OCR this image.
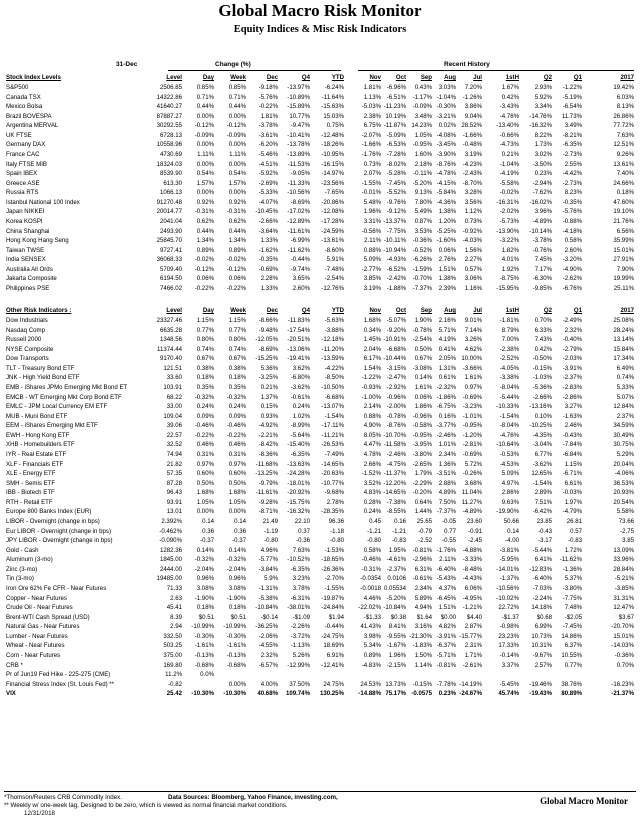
Global Macro Risk Monitor
Equity Indices & Misc Risk Indicators
31-Dec	Change (%)	Recent History
Stock Index Levels	Level	Day	Week	Dec	Q4	YTD	Nov	Oct	Sep	Aug	Jul	1stH	Q2	Q1	2017
S&P500	2506.85	0.85%	0.85%	-9.18%	-13.97%	-6.24%	1.81% -6.96%	0.43%	3.03%	7.20%	1.67%	2.93%	-1.22%	19.42%
Canada TSX	14322.86	0.71%	0.71%	-5.76%	-10.89%	-11.64%	1.13% -6.51%	-1.17% -1.04%	-1.26%	0.42%	5.92%	-5.19%	6.03%
Mexico Bolsa	41640.27	0.44%	0.44%	-0.22%	-15.89%	-15.63%	-5.03% -11.23%	-0.09% -0.30%	3.86%	-3.43%	3.34%	-6.54%	8.13%
Brazil BOVESPA	87887.27	0.00%	0.00%	1.81%	10.77%	15.03%	2.38% 10.19%	3.48% -3.21%	9.04%	-4.76%	-14.76%	11.73%	26.86%
Argentina MERVAL	30292.55	-0.12%	-0.12%	-3.78%	-9.47%	0.75%	6.75% -11.87% 14.23%	0.02% 28.52%	-13.40%	-16.32%	3.49%	77.72%
UK FTSE	6728.13	-0.09%	-0.09%	-3.61%	-10.41%	-12.48%	-2.07% -5.09%	1.05% -4.08%	-1.66%	-0.66%	8.22%	-8.21%	7.63%
Germany DAX	10558.96	0.00%	0.00%	-6.20%	-13.78%	-18.26%	-1.66% -6.53%	-0.95% -3.45%	-0.48%	-4.73%	1.73%	-6.35%	12.51%
France CAC	4730.69	1.11%	1.11%	-5.46%	-13.89%	-10.95%	-1.76% -7.28%	1.60% -3.90%	3.19%	0.21%	3.02%	-2.73%	9.26%
Italy FTSE MIB	18324.03	0.00%	0.00%	-4.51%	-11.53%	-16.15%	0.73% -8.02%	2.18% -8.76%	-4.23%	-1.04%	-3.50%	2.55%	13.61%
Spain IBEX	8539.90	0.54%	0.54%	-5.92%	-9.05%	-14.97%	2.07% -5.28%	-0.11% -4.78%	-2.43%	-4.19%	0.23%	-4.42%	7.40%
Greece ASE	613.30	1.57%	1.57%	-2.69%	-11.33%	-23.56%	-1.55% -7.45%	-5.20% -4.15%	-8.70%	-5.58%	-2.94%	-2.73%	24.66%
Russia RTS	1066.13	0.00%	0.00%	-5.33%	-10.56%	-7.65%	-0.01% -5.52%	9.13% -5.84%	3.28%	-0.02%	-7.62%	8.23%	0.18%
Istanbul National 100 Index	91270.48	0.92%	0.92%	-4.07%	-8.69%	-20.86%	5.48% -9.76%	7.80% -4.36%	3.56%	-16.31%	-16.02%	-0.35%	47.60%
Japan NIKKEI	20014.77	-0.31%	-0.31%	-10.45%	-17.02%	-12.08%	1.96% -9.12%	5.49%	1.38%	1.12%	-2.02%	3.96%	-5.76%	19.10%
Korea KOSPI	2041.04	0.62%	0.62%	-2.66%	-12.89%	-17.28%	3.31% -13.37%	0.87%	1.20%	0.73%	-5.73%	-4.89%	-0.88%	21.76%
China Shanghai	2493.90	0.44%	0.44%	-3.64%	-11.61%	-24.59%	-0.56% -7.75%	3.53% -5.25%	-0.92%	-13.90%	-10.14%	-4.18%	6.56%
Hong Kong Hang Seng	25845.70	1.34%	1.34%	1.33%	-6.99%	-13.61%	2.11% -10.11%	-0.36% -1.60%	-4.03%	-3.22%	-3.78%	0.58%	35.99%
Taiwan TWSE	9727.41	0.89%	0.89%	-1.62%	-11.62%	-8.60%	0.88% -10.94%	-0.52%	0.06%	1.56%	1.82%	-0.76%	2.60%	15.01%
India SENSEX	36068.33	-0.02%	-0.02%	-0.35%	-0.44%	5.91%	5.09% -4.93%	-6.26%	2.76%	2.27%	4.01%	7.45%	-3.20%	27.91%
Australia All Ords	5709.40	-0.12%	-0.12%	-0.69%	-9.74%	-7.48%	-2.77% -6.52%	-1.59%	1.51%	0.57%	1.92%	7.17%	-4.90%	7.90%
Jakarta Composite	6194.50	0.06%	0.06%	2.28%	3.65%	-2.54%	3.85% -2.42%	-0.70%	1.38%	3.06%	-8.75%	-6.30%	-2.62%	19.99%
Philippines PSE	7466.02	-0.22%	-0.22%	1.33%	2.60%	-12.76%	3.19% -1.88%	-7.37%	2.39%	1.16%	-15.95%	-9.85%	-6.76%	25.11%
Other Risk Indicators :	Level	Day	Week	Dec	Q4	YTD	Nov	Oct	Sep	Aug	Jul	1stH	Q2	Q1	2017
Dow Industrials	23327.46	1.15%	1.15%	-8.66%	-11.83%	-5.63%	1.68% -5.07%	1.90%	2.16%	9.01%	-1.81%	0.70%	-2.49%	25.08%
Nasdaq Comp	6635.28	0.77%	0.77%	-9.48%	-17.54%	-3.88%	0.34% -9.20%	-0.78%	5.71%	7.14%	8.79%	6.33%	2.32%	28.24%
Russell 2000	1348.56	0.80%	0.80%	-12.05%	-20.51%	-12.18%	1.45% -10.91%	-2.54%	4.19%	3.26%	7.00%	7.43%	-0.40%	13.14%
NYSE Composite	11374.44	0.74%	0.74%	-8.69%	-13.06%	-11.20%	2.04% -6.68%	0.50%	0.41%	4.62%	-2.38%	0.42%	-2.79%	15.84%
Dow Transports	9170.40	0.67%	0.67%	-15.25%	-19.41%	-13.59%	6.17% -10.44%	0.67%	2.05% 10.00%	-2.52%	-0.50%	-2.03%	17.34%
TLT - Treasury Bond ETF	121.51	0.38%	0.38%	5.36%	3.62%	-4.22%	1.54% -3.15%	-3.08%	1.31%	-3.66%	-4.05%	-0.15%	-3.91%	6.49%
JNK - High Yield Bond ETF	33.60	0.18%	0.18%	-3.25%	-6.80%	-8.50%	-1.22% -2.47%	0.14%	0.61%	1.61%	-3.38%	-1.03%	-2.37%	0.74%
EMB - iShares JPMo Emerging Mkt Bond ET	103.91	0.35%	0.35%	0.21%	-3.62%	-10.50%	-0.93% -2.92%	1.61% -2.32%	0.97%	-8.04%	-5.36%	-2.83%	5.33%
EMCB - WT Emerging Mkt Corp Bond ETF	68.22	-0.32%	-0.32%	1.37%	-0.61%	-6.68%	-1.00% -0.96%	0.06% -1.86%	-0.69%	-5.44%	-2.66%	-2.86%	5.07%
EMLC - JPM Local Currency EM ETF	33.00	0.24%	0.24%	0.15%	0.24%	-13.07%	2.14% -2.00%	1.86% -6.75%	-3.23%	-10.33%	-13.16%	3.27%	12.84%
MUB - Muni Bond ETF	109.04	0.09%	0.09%	0.93%	1.02%	-1.54%	0.88% -0.78%	-0.96%	0.16%	-1.01%	-1.54%	0.10%	-1.63%	2.37%
EEM - iShares Emerging Mkt ETF	39.06	-0.46%	-0.46%	-4.92%	-8.99%	-17.11%	4.90% -8.76%	-0.58% -3.77%	-0.95%	-8.04%	-10.25%	2.46%	34.59%
EWH - Hong Kong ETF	22.57	-0.22%	-0.22%	-2.21%	-5.64%	-11.21%	8.05% -10.70%	-0.95% -2.46%	-1.20%	-4.76%	-4.35%	-0.43%	30.49%
XHB - Homebuilders ETF	32.52	0.46%	0.46%	-8.42%	-15.40%	-26.53%	4.47% -11.58%	-3.95%	1.01%	-2.81%	-10.64%	-3.04%	-7.84%	30.75%
IYR - Real Estate ETF	74.94	0.31%	0.31%	-8.36%	-6.35%	-7.49%	4.78% -2.46%	-3.80%	2.34%	-0.69%	-0.53%	6.77%	-6.84%	5.29%
XLF - Financials ETF	21.82	0.97%	0.97%	-11.68%	-13.63%	-14.65%	2.66% -4.75%	-2.65%	1.36%	5.72%	-4.53%	-3.62%	1.15%	20.04%
XLE - Energy ETF	57.35	0.60%	0.60%	-13.25%	-24.28%	-20.63%	-1.52% -11.37%	1.79% -3.51%	-0.26%	5.09%	12.65%	-6.71%	-4.06%
SMH - Semis ETF	87.28	0.50%	0.50%	-9.79%	-18.01%	-10.77%	3.52% -12.20%	-2.29%	2.88%	3.68%	4.97%	-1.54%	6.61%	36.53%
IBB - Biotech ETF	96.43	1.68%	1.68%	-11.61%	-20.92%	-9.68%	4.83% -14.65%	-0.20%	4.89% 11.04%	2.86%	2.89%	-0.03%	20.93%
RTH - Retail ETF	93.91	1.05%	1.05%	-9.28%	-15.75%	2.78%	0.28% -7.38%	0.64%	7.50% 11.27%	9.63%	7.51%	1.97%	20.54%
Europe 800 Banks Index (EUR)	13.01	0.00%	0.00%	-8.71%	-16.32%	-28.35%	0.24% -8.55%	1.44% -7.37%	-4.89%	-19.90%	-6.42%	-4.79%	5.58%
LIBOR - Overnight (change in bps)	2.392%	0.14	0.14	21.49	22.10	96.36	0.45	0.16	25.65	-0.05	23.60	50.66	23.85	26.81	73.66
Eur LIBOR - Overnight (change in bps)	-0.462%	0.36	0.36	-1.19	0.37	-1.18	-1.21	-1.21	-0.79	0.77	-0.91	0.14	-0.43	0.57	-2.75
JPY LIBOR - Overnight (change in bps)	-0.090%	-0.37	-0.37	-0.80	-0.36	-0.80	-0.80	-0.83	-2.52	-0.55	-2.45	-4.00	-3.17	-0.83	3.85
Gold - Cash	1282.36	0.14%	0.14%	4.96%	7.63%	-1.53%	0.58%	1.95%	-0.81% -1.76%	-4.88%	-3.81%	-5.44%	1.72%	13.09%
Aluminum (3-mo)	1845.00	-0.32%	-0.32%	-5.77%	-10.52%	-18.65%	-0.46% -4.61%	-2.96%	2.11%	-3.33%	-5.95%	6.41%	-11.62%	33.96%
Zinc (3-mo)	2444.00	-2.04%	-2.04%	-3.84%	-6.35%	-26.36%	-0.31% -2.37%	6.31% -6.40%	-8.48%	-14.01%	-12.83%	-1.36%	28.84%
Tin (3-mo)	19485.00	0.96%	0.96%	5.9%	3.23%	-2.70%	-0.0354	0.0106	-0.61% -5.43%	-4.43%	-1.37%	-6.40%	5.37%	-5.21%
Iron Ore 62% Fe CFR - Near Futures	71.33	3.08%	3.08%	-1.31%	3.78%	-1.55%	-0.0018 0.05534	2.34%	4.37%	6.06%	-10.56%	-7.03%	-3.80%	-3.85%
Copper - Near Futures	2.63	-1.90%	-1.90%	-5.38%	-6.31%	-19.87%	4.46% -5.20%	5.89% -6.45%	-4.95%	-10.02%	-2.24%	-7.75%	31.31%
Crude Oil - Near Futures	45.41	0.18%	0.18%	-10.84%	-38.01%	-24.84%	-22.02% -10.84%	4.94%	1.51%	-1.21%	22.72%	14.18%	7.48%	12.47%
Brent-WTI Cash Spread (USD)	8.39	$0.51	$0.51	-$0.14	-$1.09	$1.94	-$1.33	$0.38	$1.64	$0.00	$4.40	-$1.37	$0.68	-$2.05	$3.67
Natural Gas - Near Futures	2.94	-10.99%	-10.99%	-36.25%	-2.26%	-0.44%	41.43%	8.41%	3.16%	4.82%	2.87%	-0.98%	6.99%	-7.45%	-20.70%
Lumber - Near Futures	332.50	-0.30%	-0.30%	-2.06%	-3.72%	-24.75%	3.98% -9.55% -21.30% -3.91% -15.77%	23.23%	10.73%	14.86%	15.01%
Wheat - Near Futures	503.25	-1.61%	-1.61%	-4.55%	-1.13%	18.69%	5.34% -1.67%	-1.83% -6.37%	2.31%	17.33%	10.31%	6.37%	-14.03%
Corn - Near Futures	375.00	-0.13%	-0.13%	2.32%	5.26%	6.91%	0.89%	1.96%	1.50% -5.71%	1.71%	-0.14%	-9.67%	10.55%	-0.36%
CRB *	169.80	-0.68%	-0.68%	-6.57%	-12.99%	-12.41%	-4.83% -2.15%	1.14% -0.81%	-2.61%	3.37%	2.57%	0.77%	0.70%
Pr of Jun19 Fed Hike - 225-275 (CME)	11.2%	0.0%
Financial Stress Index (St. Louis Fed) **	-0.82	0.00%	4.00%	37.50%	24.75%	24.53% 13.73%	-0.15% -7.78% -14.19%	-5.45%	-19.46%	38.76%	-16.23%
VIX	25.42	-10.30%	-10.30%	40.68%	109.74%	130.25%	-14.88% 75.17% -0.0575	0.23% -24.67%	45.74%	-19.43%	80.89%	-21.37%
*Thomson/Reuters CRB Commodity Index.	Data Sources: Bloomberg, Yahoo Finance, investing.com,
** Weekly w/ one-week lag, Designed to be zero, which is viewed as normal financial market conditions.
12/31/2018
Global Macro Monitor
